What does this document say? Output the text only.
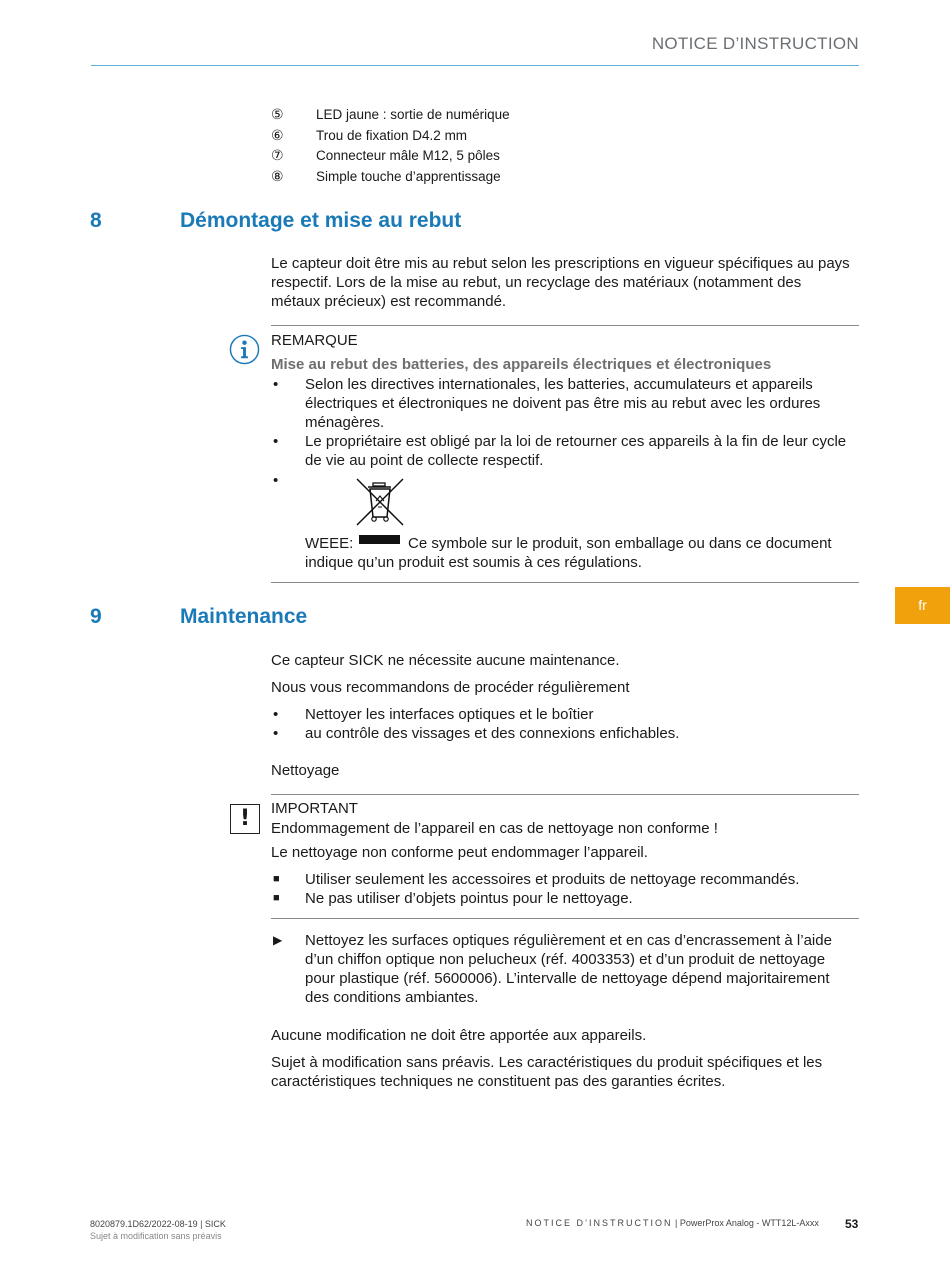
NOTICE D’INSTRUCTION
⑤	LED jaune : sortie de numérique
⑥	Trou de fixation D4.2 mm
⑦	Connecteur mâle M12, 5 pôles
⑧	Simple touche d’apprentissage
8	Démontage et mise au rebut
Le capteur doit être mis au rebut selon les prescriptions en vigueur spécifiques au pays respectif. Lors de la mise au rebut, un recyclage des matériaux (notamment des métaux précieux) est recommandé.
REMARQUE
Mise au rebut des batteries, des appareils électriques et électroniques
•	Selon les directives internationales, les batteries, accumulateurs et appareils électriques et électroniques ne doivent pas être mis au rebut avec les ordures ménagères.
•	Le propriétaire est obligé par la loi de retourner ces appareils à la fin de leur cycle de vie au point de collecte respectif.
•
WEEE:	Ce symbole sur le produit, son emballage ou dans ce document
indique qu’un produit est soumis à ces régulations.
fr
9	Maintenance
Ce capteur SICK ne nécessite aucune maintenance.
Nous vous recommandons de procéder régulièrement
•	Nettoyer les interfaces optiques et le boîtier
•	au contrôle des vissages et des connexions enfichables.
Nettoyage
!	IMPORTANT
Endommagement de l’appareil en cas de nettoyage non conforme !
Le nettoyage non conforme peut endommager l’appareil.
■	Utiliser seulement les accessoires et produits de nettoyage recommandés.
■	Ne pas utiliser d’objets pointus pour le nettoyage.
▶	Nettoyez les surfaces optiques régulièrement et en cas d’encrassement à l’aide d’un chiffon optique non pelucheux (réf. 4003353) et d’un produit de nettoyage pour plastique (réf. 5600006). L’intervalle de nettoyage dépend majoritairement des conditions ambiantes.
Aucune modification ne doit être apportée aux appareils.
Sujet à modification sans préavis. Les caractéristiques du produit spécifiques et les caractéristiques techniques ne constituent pas des garanties écrites.
8020879.1D62/2022-08-19 | SICK
Sujet à modification sans préavis
NOTICE D’INSTRUCTION | PowerProx Analog - WTT12L-Axxx 53
